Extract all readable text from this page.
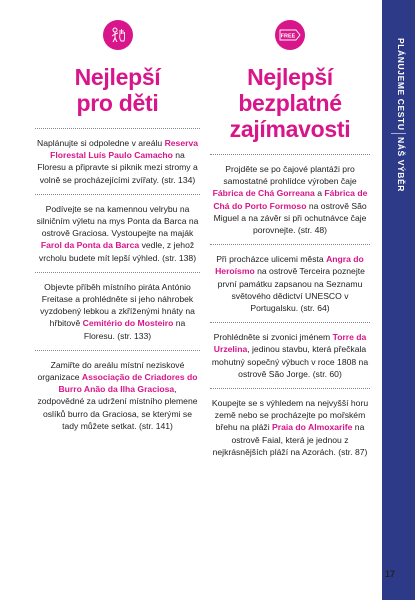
Nejlepší
pro děti
Naplánujte si odpoledne v areálu Reserva Florestal Luís Paulo Camacho na Floresu a připravte si piknik mezi stromy a volně se procházejícími zvířaty. (str. 134)
Podívejte se na kamennou velrybu na silničním výletu na mys Ponta da Barca na ostrově Graciosa. Vystoupejte na maják Farol da Ponta da Barca vedle, z jehož vrcholu budete mít lepší výhled. (str. 138)
Objevte příběh místního piráta António Freitase a prohlédněte si jeho náhrobek vyzdobený lebkou a zkříženými hnáty na hřbitově Cemitério do Mosteiro na Floresu. (str. 133)
Zamiřte do areálu místní neziskové organizace Associação de Criadores do Burro Anão da Ilha Graciosa, zodpovědné za udržení místního plemene oslíků burro da Graciosa, se kterými se tady můžete setkat. (str. 141)
FREE
Nejlepší
bezplatné
zajímavosti
Projděte se po čajové plantáži pro samostatné prohlídce výroben čaje Fábrica de Chá Gorreana a Fábrica de Chá do Porto Formoso na ostrově São Miguel a na závěr si při ochutnávce čaje porovnejte. (str. 48)
Při procházce ulicemi města Angra do Heroísmo na ostrově Terceira poznejte první památku zapsanou na Seznamu světového dědictví UNESCO v Portugalsku. (str. 64)
Prohlédněte si zvonici jménem Torre da Urzelina, jedinou stavbu, která přečkala mohutný sopečný výbuch v roce 1808 na ostrově São Jorge. (str. 60)
Koupejte se s výhledem na nejvyšší horu země nebo se procházejte po mořském břehu na pláži Praia do Almoxarife na ostrově Faial, která je jednou z nejkrásnějších pláží na Azorách. (str. 87)
PLÁNUJEME CESTU
NÁŠ VÝBĚR
17
